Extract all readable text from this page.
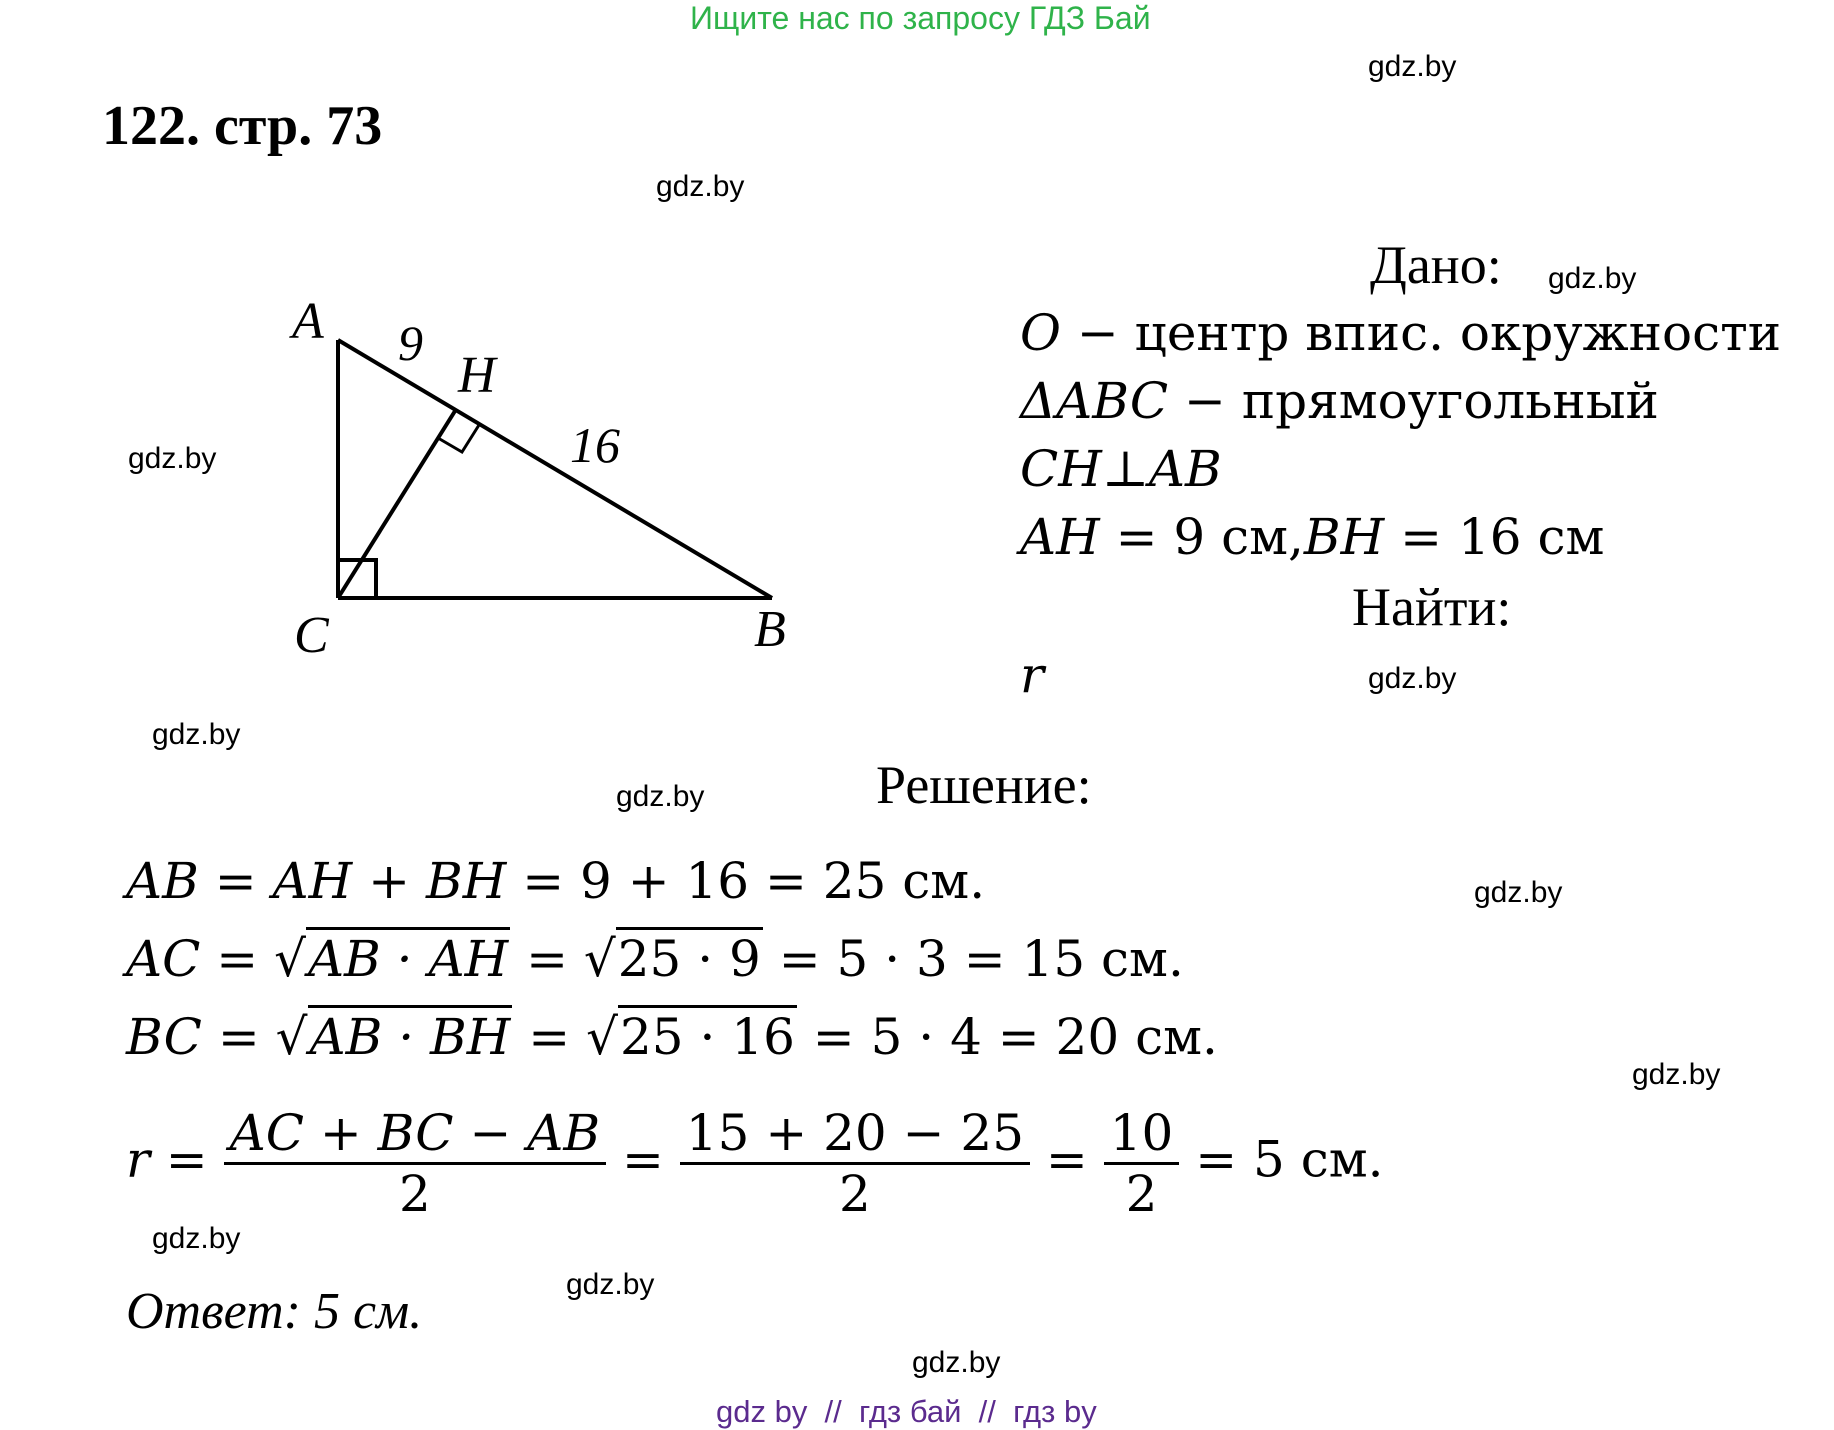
Ищите нас по запросу ГДЗ Бай
gdz.by
gdz.by
gdz.by
gdz.by
gdz.by
gdz.by
gdz.by
gdz.by
gdz.by
gdz.by
gdz.by
gdz.by
122. стр. 73
A
H
9
16
C	B
Дано:
O − центр впис. окружности
ΔABC − прямоугольный
CH⊥AB
AH = 9 см,BH = 16 см
Найти:
r
Решение:
AB = AH + BH = 9 + 16 = 25 см.
AC = √AB · AH = √25 · 9 = 5 · 3 = 15 см.
BC = √AB · BH = √25 · 16 = 5 · 4 = 20 см.
$r = \frac{AC + BC - AB}{2} = \frac{15 + 20 - 25}{2} = \frac{10}{2} = 5$ см.
Ответ: 5 см.
gdz by  //  гдз бай  //  гдз by
